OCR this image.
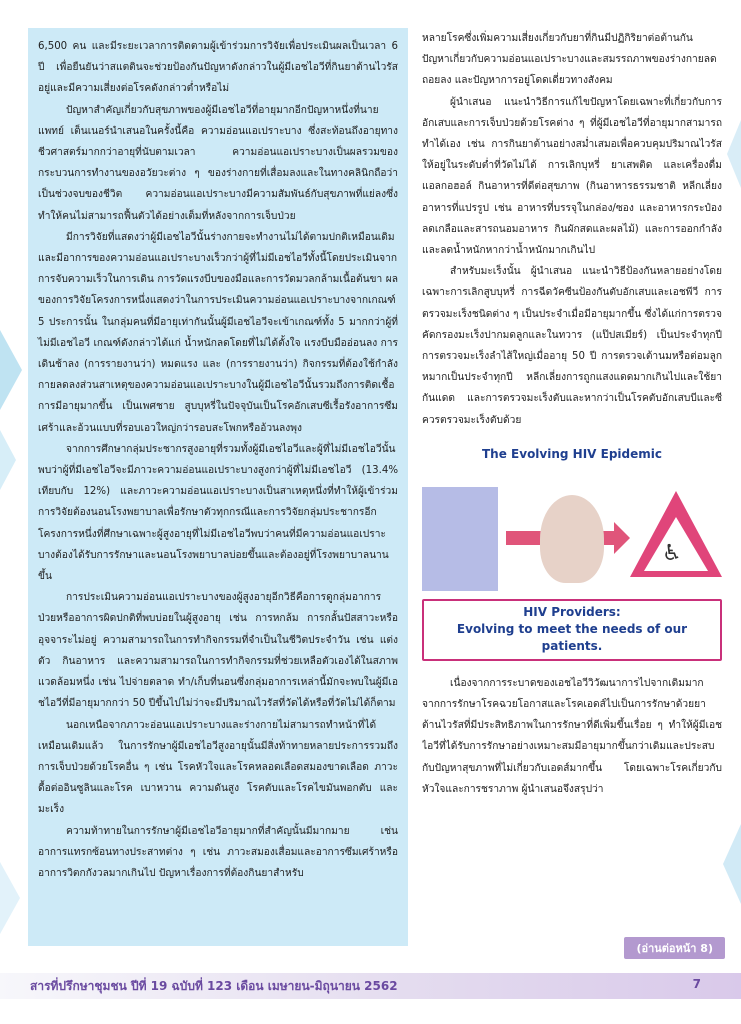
6,500 คน และมีระยะเวลาการติดตามผู้เข้าร่วมการวิจัยเพื่อประเมินผลเป็นเวลา 6 ปี เพื่อยืนยันว่าสแตตินจะช่วยป้องกันปัญหาดังกล่าวในผู้มีเอชไอวีที่กินยาต้านไวรัสอยู่และมีความเสี่ยงต่อโรคดังกล่าวต่ำหรือไม่

ปัญหาสำคัญเกี่ยวกับสุขภาพของผู้มีเอชไอวีที่อายุมากอีกปัญหาหนึ่งที่นายแพทย์ เต็นเนอร์นำเสนอในครั้งนี้คือ ความอ่อนแอเปราะบาง ซึ่งสะท้อนถึงอายุทางชีวศาสตร์มากกว่าอายุที่นับตามเวลา ความอ่อนแอเปราะบางเป็นผลรวมของกระบวนการทำงานของอวัยวะต่าง ๆ ของร่างกายที่เสื่อมลงและในทางคลินิกถือว่าเป็นช่วงจบของชีวิต ความอ่อนแอเปราะบางมีความสัมพันธ์กับสุขภาพที่แย่ลงซึ่งทำให้คนไม่สามารถฟื้นตัวได้อย่างเต็มที่หลังจากการเจ็บป่วย

มีการวิจัยที่แสดงว่าผู้มีเอชไอวีนั้นร่างกายจะทำงานไม่ได้ตามปกติเหมือนเดิมและมีอาการของความอ่อนแอเปราะบางเร็วกว่าผู้ที่ไม่มีเอชไอวีทั้งนี้โดยประเมินจากการจับความเร็วในการเดิน การวัดแรงบีบของมือและการวัดมวลกล้ามเนื้อต้นขา ผลของการวิจัยโครงการหนึ่งแสดงว่าในการประเมินความอ่อนแอเปราะบางจากเกณฑ์ 5 ประการนั้น ในกลุ่มคนที่มีอายุเท่ากันนั้นผู้มีเอชไอวีจะเข้าเกณฑ์ทั้ง 5 มากกว่าผู้ที่ไม่มีเอชไอวี เกณฑ์ดังกล่าวได้แก่ น้ำหนักลดโดยที่ไม่ได้ตั้งใจ แรงบีบมืออ่อนลง การเดินช้าลง (การรายงานว่า) หมดแรง และ (การรายงานว่า) กิจกรรมที่ต้องใช้กำลังกายลดลงส่วนสาเหตุของความอ่อนแอเปราะบางในผู้มีเอชไอวีนั้นรวมถึงการติดเชื้อการมีอายุมากขึ้น เป็นเพศชาย สูบบุหรี่ในปัจจุบันเป็นโรคอักเสบซีเรื้อรังอาการซึมเศร้าและอ้วนแบบที่รอบเอวใหญ่กว่ารอบสะโพกหรืออ้วนลงพุง

จากการศึกษากลุ่มประชากรสูงอายุที่รวมทั้งผู้มีเอชไอวีและผู้ที่ไม่มีเอชไอวีนั้นพบว่าผู้ที่มีเอชไอวีจะมีภาวะความอ่อนแอเปราะบางสูงกว่าผู้ที่ไม่มีเอชไอวี (13.4% เทียบกับ 12%) และภาวะความอ่อนแอเปราะบางเป็นสาเหตุหนึ่งที่ทำให้ผู้เข้าร่วมการวิจัยต้องนอนโรงพยาบาลเพื่อรักษาตัวทุกกรณีและการวิจัยกลุ่มประชากรอีกโครงการหนึ่งที่ศึกษาเฉพาะผู้สูงอายุที่ไม่มีเอชไอวีพบว่าคนที่มีความอ่อนแอเปราะบางต้องได้รับการรักษาและนอนโรงพยาบาลบ่อยขึ้นและต้องอยู่ที่โรงพยาบาลนานขึ้น

การประเมินความอ่อนแอเปราะบางของผู้สูงอายุอีกวิธีคือการดูกลุ่มอาการป่วยหรืออาการผิดปกติที่พบบ่อยในผู้สูงอายุ เช่น การหกล้ม การกลั้นปัสสาวะหรืออุจจาระไม่อยู่ ความสามารถในการทำกิจกรรมที่จำเป็นในชีวิตประจำวัน เช่น แต่งตัว กินอาหาร และความสามารถในการทำกิจกรรมที่ช่วยเหลือตัวเองได้ในสภาพแวดล้อมหนึ่ง เช่น ไปจ่ายตลาด ทำ/เก็บที่นอนซึ่งกลุ่มอาการเหล่านี้มักจะพบในผู้มีเอชไอวีที่มีอายุมากกว่า 50 ปีขึ้นไปไม่ว่าจะมีปริมาณไวรัสที่วัดได้หรือที่วัดไม่ได้ก็ตาม

นอกเหนือจากภาวะอ่อนแอเปราะบางและร่างกายไม่สามารถทำหน้าที่ได้เหมือนเดิมแล้ว ในการรักษาผู้มีเอชไอวีสูงอายุนั้นมีสิ่งท้าทายหลายประการรวมถึง การเจ็บป่วยด้วยโรคอื่น ๆ เช่น โรคหัวใจและโรคหลอดเลือดสมองขาดเลือด ภาวะดื้อต่ออินซูลินและโรค เบาหวาน ความดันสูง โรคตับและโรคไขมันพอกตับ และมะเร็ง

ความท้าทายในการรักษาผู้มีเอชไอวีอายุมากที่สำคัญนั้นมีมากมาย เช่น อาการแทรกซ้อนทางประสาทต่าง ๆ เช่น ภาวะสมองเสื่อมและอาการซึมเศร้าหรืออาการวิตกกังวลมากเกินไป ปัญหาเรื่องการที่ต้องกินยาสำหรับ

หลายโรคซึ่งเพิ่มความเสี่ยงเกี่ยวกับยาที่กินมีปฏิกิริยาต่อต้านกัน ปัญหาเกี่ยวกับความอ่อนแอเปราะบางและสมรรถภาพของร่างกายลดถอยลง และปัญหาการอยู่โดดเดี่ยวทางสังคม

ผู้นำเสนอ แนะนำวิธีการแก้ไขปัญหาโดยเฉพาะที่เกี่ยวกับการอักเสบและการเจ็บป่วยด้วยโรคต่าง ๆ ที่ผู้มีเอชไอวีที่อายุมากสามารถทำได้เอง เช่น การกินยาต้านอย่างสม่ำเสมอเพื่อควบคุมปริมาณไวรัสให้อยู่ในระดับต่ำที่วัดไม่ได้ การเลิกบุหรี่ ยาเสพติด และเครื่องดื่มแอลกอฮอล์ กินอาหารที่ดีต่อสุขภาพ (กินอาหารธรรมชาติ หลีกเลี่ยงอาหารที่แปรรูป เช่น อาหารที่บรรจุในกล่อง/ซอง และอาหารกระป๋อง ลดเกลือและสารถนอมอาหาร กินผักสดและผลไม้) และการออกกำลังและลดน้ำหนักหากว่าน้ำหนักมากเกินไป

สำหรับมะเร็งนั้น ผู้นำเสนอ แนะนำวิธีป้องกันหลายอย่างโดยเฉพาะการเลิกสูบบุหรี่ การฉีดวัคซีนป้องกันตับอักเสบและเอชพีวี การตรวจมะเร็งชนิดต่าง ๆ เป็นประจำเมื่อมีอายุมากขึ้น ซึ่งได้แก่การตรวจคัดกรองมะเร็งปากมดลูกและในทวาร (แป๊ปสเมียร์) เป็นประจำทุกปี การตรวจมะเร็งลำไส้ใหญ่เมื่ออายุ 50 ปี การตรวจเต้านมหรือต่อมลูกหมากเป็นประจำทุกปี หลีกเลี่ยงการถูกแสงแดดมากเกินไปและใช้ยากันแดด และการตรวจมะเร็งตับและหากว่าเป็นโรคตับอักเสบบีและซีควรตรวจมะเร็งตับด้วย

The Evolving HIV Epidemic
♿
HIV Providers:
Evolving to meet the needs of our patients.

เนื่องจากการระบาดของเอชไอวีวิวัฒนาการไปจากเดิมมาก จากการรักษาโรคฉวยโอกาสและโรคเอดส์ไปเป็นการรักษาด้วยยาต้านไวรัสที่มีประสิทธิภาพในการรักษาที่ดีเพิ่มขึ้นเรื่อย ๆ ทำให้ผู้มีเอชไอวีที่ได้รับการรักษาอย่างเหมาะสมมีอายุมากขึ้นกว่าเดิมและประสบกับปัญหาสุขภาพที่ไม่เกี่ยวกับเอดส์มากขึ้น โดยเฉพาะโรคเกี่ยวกับหัวใจและการชราภาพ ผู้นำเสนอจึงสรุปว่า

(อ่านต่อหน้า 8)
สารที่ปรึกษาชุมชน ปีที่ 19 ฉบับที่ 123 เดือน เมษายน-มิถุนายน 2562	7
